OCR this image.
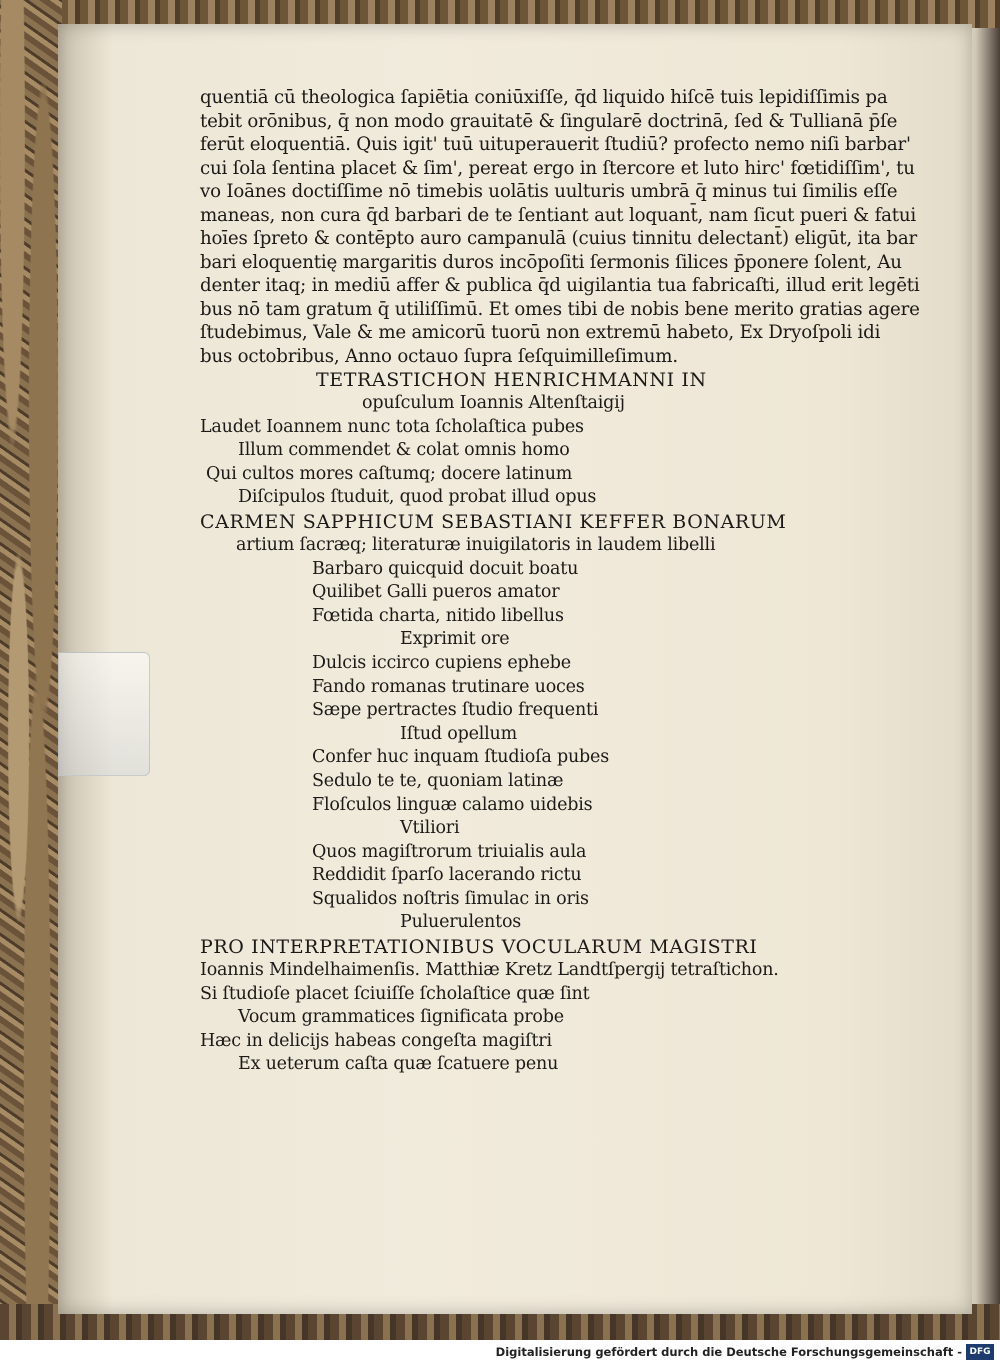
quentiā cū theologica ſapiētia coniūxiſſe, q̄d liquido hiſcē tuis lepidiſſimis pa
tebit orōnibus, q̄ non modo grauitatē & ſingularē doctrinā, ſed & Tullianā p̄ſe
ferūt eloquentiā. Quis igit' tuū uituperauerit ſtudiū? profecto nemo niſi barbar'
cui ſola ſentina placet & ſim', pereat ergo in ſtercore et luto hirc' fœtidiſſim', tu
vo Ioānes doctiſſime nō timebis uolātis uulturis umbrā q̄ minus tui ſimilis eſſe
maneas, non cura q̄d barbari de te ſentiant aut loquant̄, nam ſicut pueri & fatui
hoīes ſpreto & contēpto auro campanulā (cuius tinnitu delectant̄) eligūt, ita bar
bari eloquentię margaritis duros incōpoſiti ſermonis ſilices p̄ponere ſolent, Au
denter itaq; in mediū affer & publica q̄d uigilantia tua fabricaſti, illud erit legēti
bus nō tam gratum q̄ utiliſſimū. Et omes tibi de nobis bene merito gratias agere
ſtudebimus, Vale & me amicorū tuorū non extremū habeto, Ex Dryoſpoli idi
bus octobribus, Anno octauo ſupra ſeſquimilleſimum.
TETRASTICHON HENRICHMANNI IN
opuſculum Ioannis Altenſtaigij
Laudet Ioannem nunc tota ſcholaſtica pubes
Illum commendet & colat omnis homo
Qui cultos mores caſtumq; docere latinum
Diſcipulos ſtuduit, quod probat illud opus
CARMEN SAPPHICUM SEBASTIANI KEFFER BONARUM
artium ſacræq; literaturæ inuigilatoris in laudem libelli
Barbaro quicquid docuit boatu
Quilibet Galli pueros amator
Fœtida charta, nitido libellus
Exprimit ore
Dulcis iccirco cupiens ephebe
Fando romanas trutinare uoces
Sæpe pertractes ſtudio frequenti
Iſtud opellum
Confer huc inquam ſtudioſa pubes
Sedulo te te, quoniam latinæ
Floſculos linguæ calamo uidebis
Vtiliori
Quos magiſtrorum triuialis aula
Reddidit ſparſo lacerando rictu
Squalidos noſtris ſimulac in oris
Puluerulentos
PRO INTERPRETATIONIBUS VOCULARUM MAGISTRI
Ioannis Mindelhaimenſis. Matthiæ Kretz Landtſpergij tetraſtichon.
Si ſtudioſe placet ſciuiſſe ſcholaſtice quæ ſint
Vocum grammatices ſignificata probe
Hæc in delicijs habeas congeſta magiſtri
Ex ueterum caſta quæ ſcatuere penu
Digitalisierung gefördert durch die Deutsche Forschungsgemeinschaft - DFG
